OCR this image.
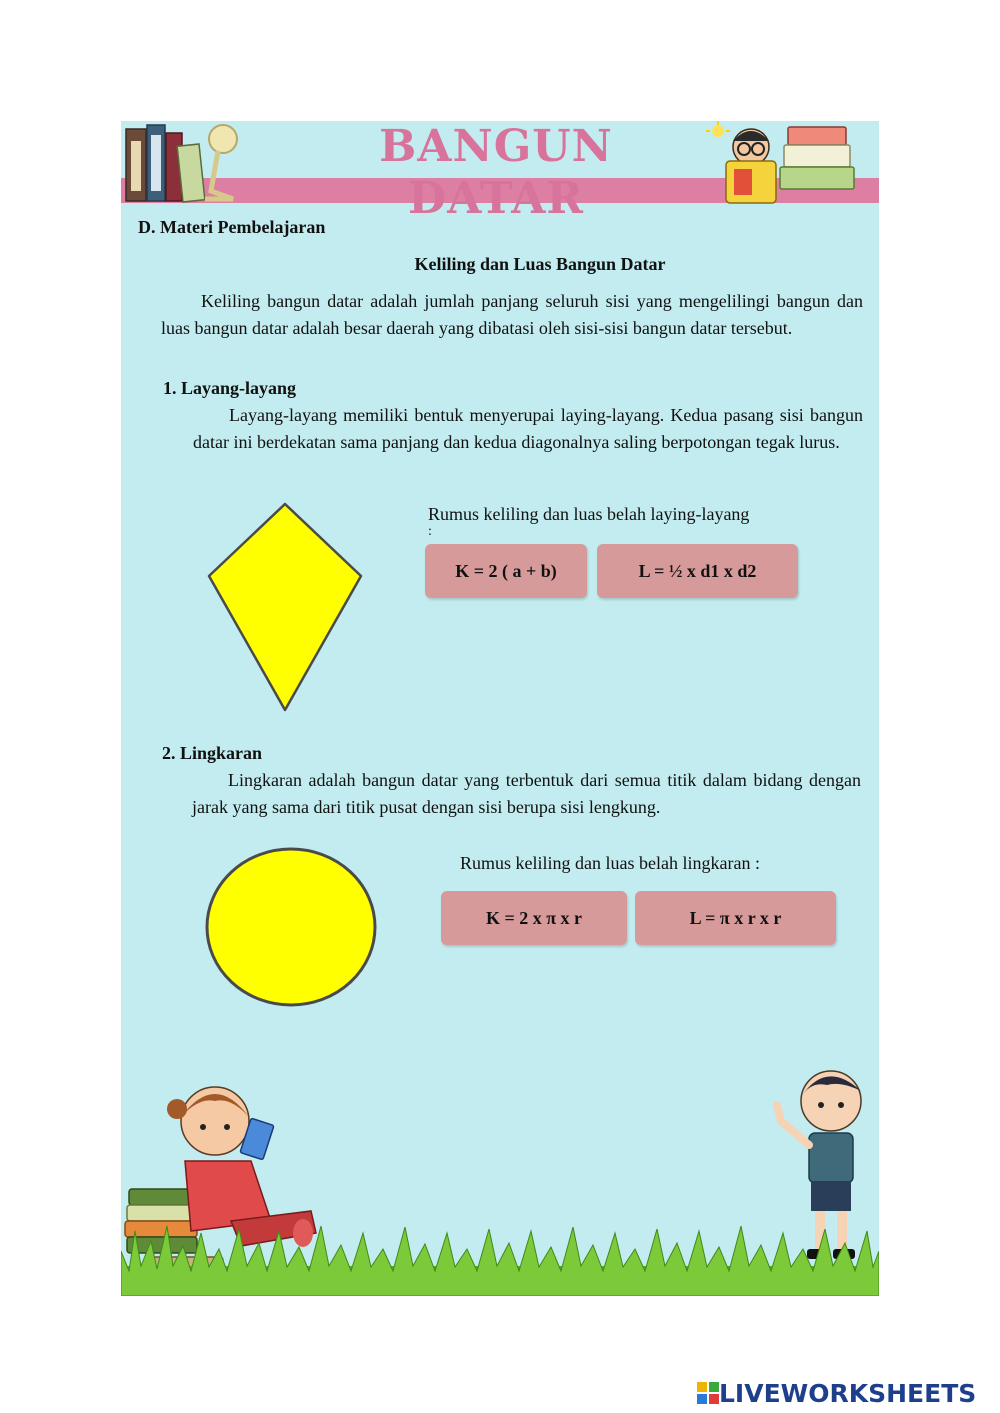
BANGUN DATAR
D. Materi Pembelajaran
Keliling dan Luas Bangun Datar
Keliling bangun datar adalah jumlah panjang seluruh sisi yang mengelilingi bangun dan luas bangun datar adalah besar daerah yang dibatasi oleh sisi-sisi bangun datar tersebut.
1. Layang-layang
Layang-layang memiliki bentuk menyerupai laying-layang. Kedua pasang sisi bangun datar ini berdekatan sama panjang dan kedua diagonalnya saling berpotongan tegak lurus.
Rumus keliling dan luas belah laying-layang
:
K = 2 ( a + b)	L = ½ x d1 x d2
2. Lingkaran
Lingkaran adalah bangun datar yang terbentuk dari semua titik dalam bidang dengan jarak yang sama dari titik pusat dengan sisi berupa sisi lengkung.
Rumus keliling dan luas belah lingkaran :
K = 2 x π x r	L = π x r x r
LIVEWORKSHEETS
